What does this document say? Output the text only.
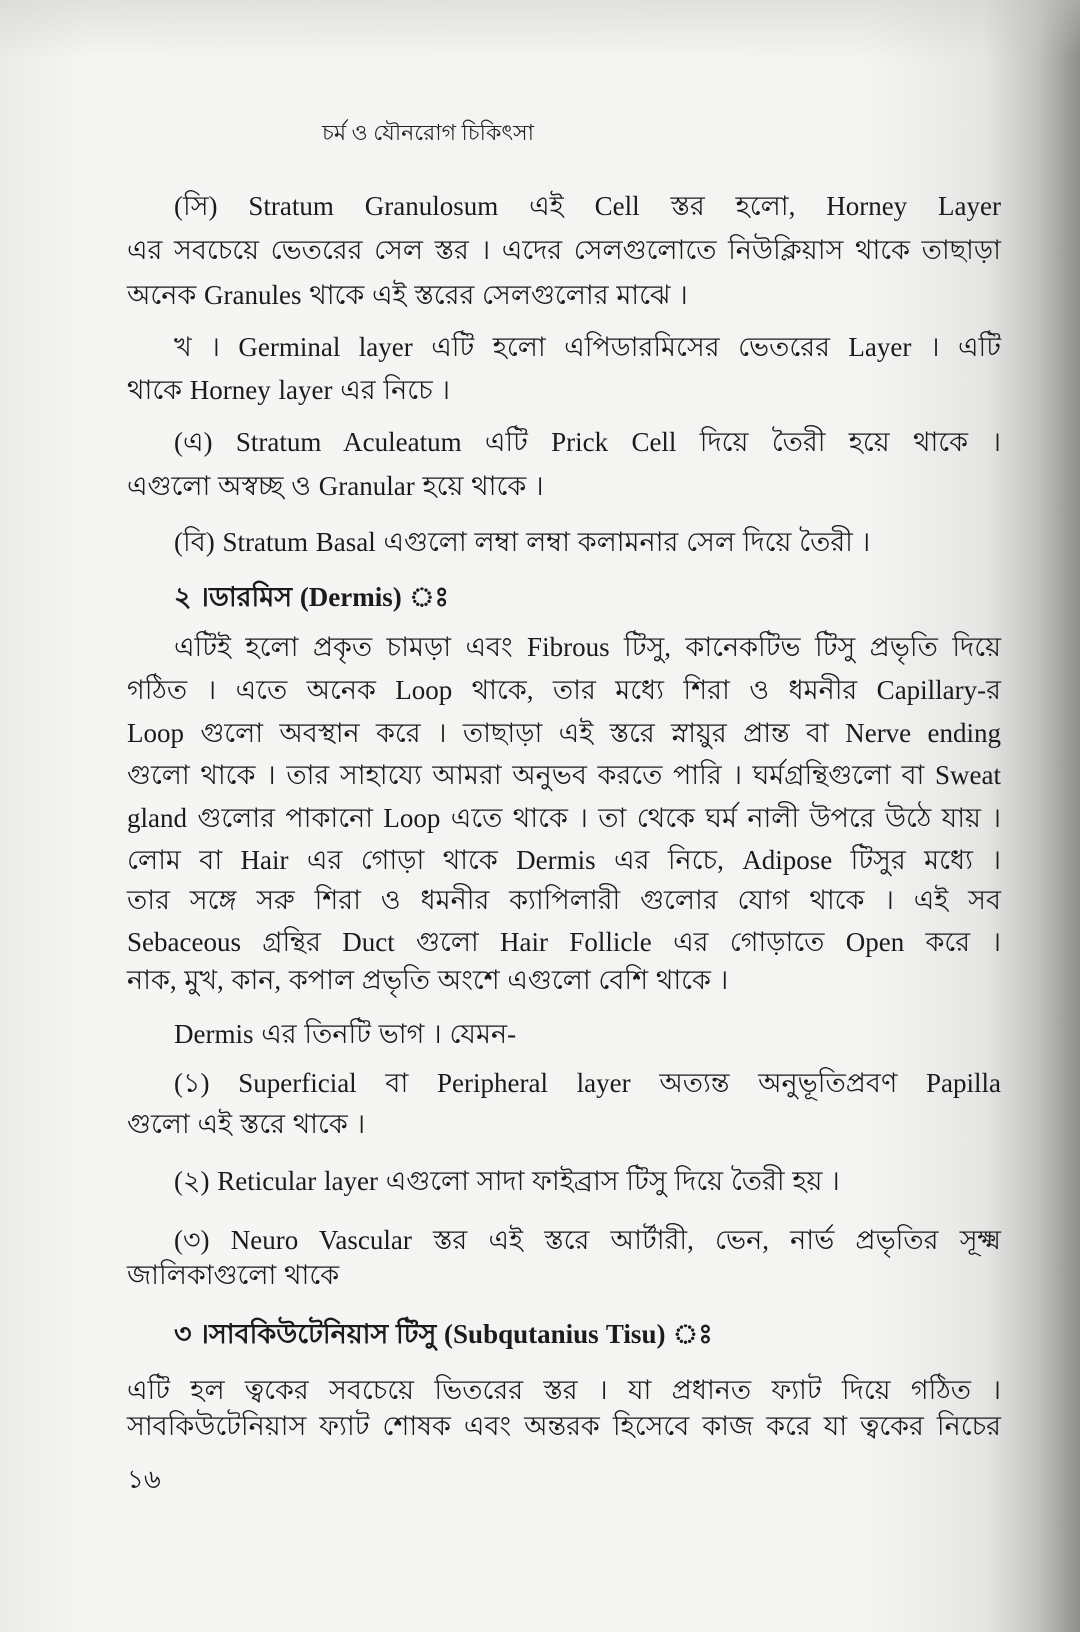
চর্ম ও যৌনরোগ চিকিৎসা
(সি) Stratum Granulosum এই Cell স্তর হলো, Horney Layer
এর সবচেয়ে ভেতরের সেল স্তর । এদের সেলগুলোতে নিউক্লিয়াস থাকে তাছাড়া
অনেক Granules থাকে এই স্তরের সেলগুলোর মাঝে ।
খ । Germinal layer এটি হলো এপিডারমিসের ভেতরের Layer । এটি
থাকে Horney layer এর নিচে ।
(এ) Stratum Aculeatum এটি Prick Cell দিয়ে তৈরী হয়ে থাকে ।
এগুলো অস্বচ্ছ ও Granular হয়ে থাকে ।
(বি) Stratum Basal এগুলো লম্বা লম্বা কলামনার সেল দিয়ে তৈরী ।
২ ।ডারমিস (Dermis) ঃ
এটিই হলো প্রকৃত চামড়া এবং Fibrous টিসু, কানেকটিভ টিসু প্রভৃতি দিয়ে
গঠিত । এতে অনেক Loop থাকে, তার মধ্যে শিরা ও ধমনীর Capillary-র
Loop গুলো অবস্থান করে । তাছাড়া এই স্তরে স্নায়ুর প্রান্ত বা Nerve ending
গুলো থাকে । তার সাহায্যে আমরা অনুভব করতে পারি । ঘর্মগ্রন্থিগুলো বা Sweat
gland গুলোর পাকানো Loop এতে থাকে । তা থেকে ঘর্ম নালী উপরে উঠে যায় ।
লোম বা Hair এর গোড়া থাকে Dermis এর নিচে, Adipose টিসুর মধ্যে ।
তার সঙ্গে সরু শিরা ও ধমনীর ক্যাপিলারী গুলোর যোগ থাকে । এই সব
Sebaceous গ্রন্থির Duct গুলো Hair Follicle এর গোড়াতে Open করে ।
নাক, মুখ, কান, কপাল প্রভৃতি অংশে এগুলো বেশি থাকে ।
Dermis এর তিনটি ভাগ । যেমন-
(১) Superficial বা Peripheral layer অত্যন্ত অনুভূতিপ্রবণ Papilla
গুলো এই স্তরে থাকে ।
(২) Reticular layer এগুলো সাদা ফাইব্রাস টিসু দিয়ে তৈরী হয় ।
(৩) Neuro Vascular স্তর এই স্তরে আর্টারী, ভেন, নার্ভ প্রভৃতির সূক্ষ্ম
জালিকাগুলো থাকে
৩ ।সাবকিউটেনিয়াস টিসু (Subqutanius Tisu) ঃ
এটি হল ত্বকের সবচেয়ে ভিতরের স্তর । যা প্রধানত ফ্যাট দিয়ে গঠিত ।
সাবকিউটেনিয়াস ফ্যাট শোষক এবং অন্তরক হিসেবে কাজ করে যা ত্বকের নিচের
১৬
